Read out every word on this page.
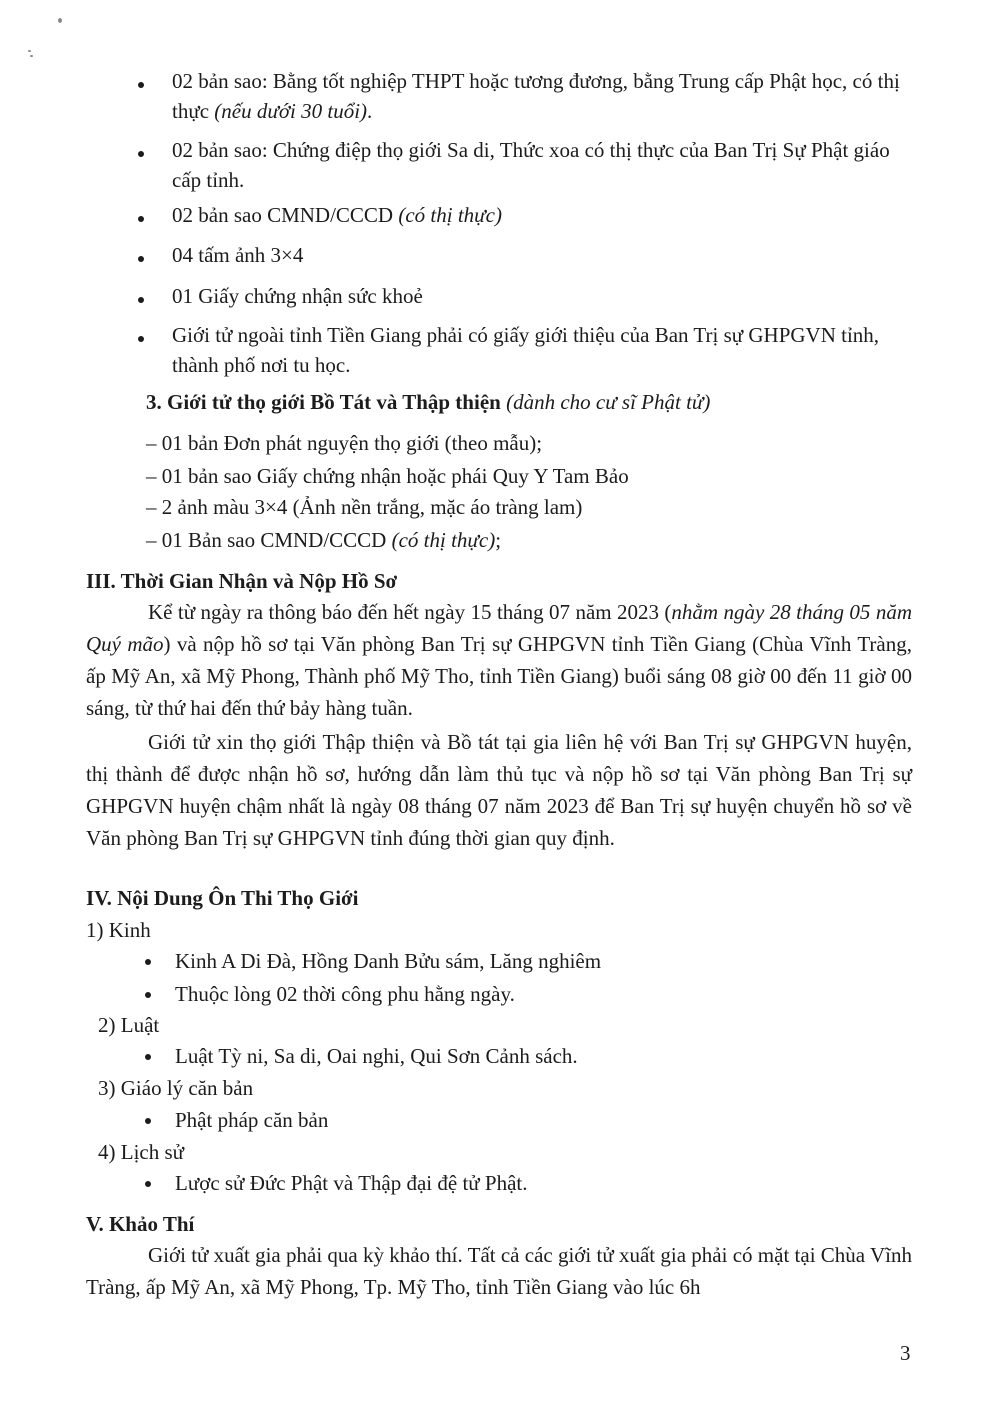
02 bản sao: Bằng tốt nghiệp THPT hoặc tương đương, bằng Trung cấp Phật học, có thị thực (nếu dưới 30 tuổi).
02 bản sao: Chứng điệp thọ giới Sa di, Thức xoa có thị thực của Ban Trị Sự Phật giáo cấp tỉnh.
02 bản sao CMND/CCCD (có thị thực)
04 tấm ảnh 3×4
01 Giấy chứng nhận sức khoẻ
Giới tử ngoài tỉnh Tiền Giang phải có giấy giới thiệu của Ban Trị sự GHPGVN tỉnh, thành phố nơi tu học.
3. Giới tử thọ giới Bồ Tát và Thập thiện (dành cho cư sĩ Phật tử)
– 01 bản Đơn phát nguyện thọ giới (theo mẫu);
– 01 bản sao Giấy chứng nhận hoặc phái Quy Y Tam Bảo
– 2 ảnh màu 3×4 (Ảnh nền trắng, mặc áo tràng lam)
– 01 Bản sao CMND/CCCD (có thị thực);
III. Thời Gian Nhận và Nộp Hồ Sơ
Kể từ ngày ra thông báo đến hết ngày 15 tháng 07 năm 2023 (nhằm ngày 28 tháng 05 năm Quý mão) và nộp hồ sơ tại Văn phòng Ban Trị sự GHPGVN tỉnh Tiền Giang (Chùa Vĩnh Tràng, ấp Mỹ An, xã Mỹ Phong, Thành phố Mỹ Tho, tỉnh Tiền Giang) buổi sáng 08 giờ 00 đến 11 giờ 00 sáng, từ thứ hai đến thứ bảy hàng tuần.
Giới tử xin thọ giới Thập thiện và Bồ tát tại gia liên hệ với Ban Trị sự GHPGVN huyện, thị thành để được nhận hồ sơ, hướng dẫn làm thủ tục và nộp hồ sơ tại Văn phòng Ban Trị sự GHPGVN huyện chậm nhất là ngày 08 tháng 07 năm 2023 để Ban Trị sự huyện chuyển hồ sơ về Văn phòng Ban Trị sự GHPGVN tỉnh đúng thời gian quy định.
IV. Nội Dung Ôn Thi Thọ Giới
1) Kinh
Kinh A Di Đà, Hồng Danh Bửu sám, Lăng nghiêm
Thuộc lòng 02 thời công phu hằng ngày.
2) Luật
Luật Tỳ ni, Sa di, Oai nghi, Qui Sơn Cảnh sách.
3) Giáo lý căn bản
Phật pháp căn bản
4) Lịch sử
Lược sử Đức Phật và Thập đại đệ tử Phật.
V. Khảo Thí
Giới tử xuất gia phải qua kỳ khảo thí. Tất cả các giới tử xuất gia phải có mặt tại Chùa Vĩnh Tràng, ấp Mỹ An, xã Mỹ Phong, Tp. Mỹ Tho, tỉnh Tiền Giang vào lúc 6h
3
